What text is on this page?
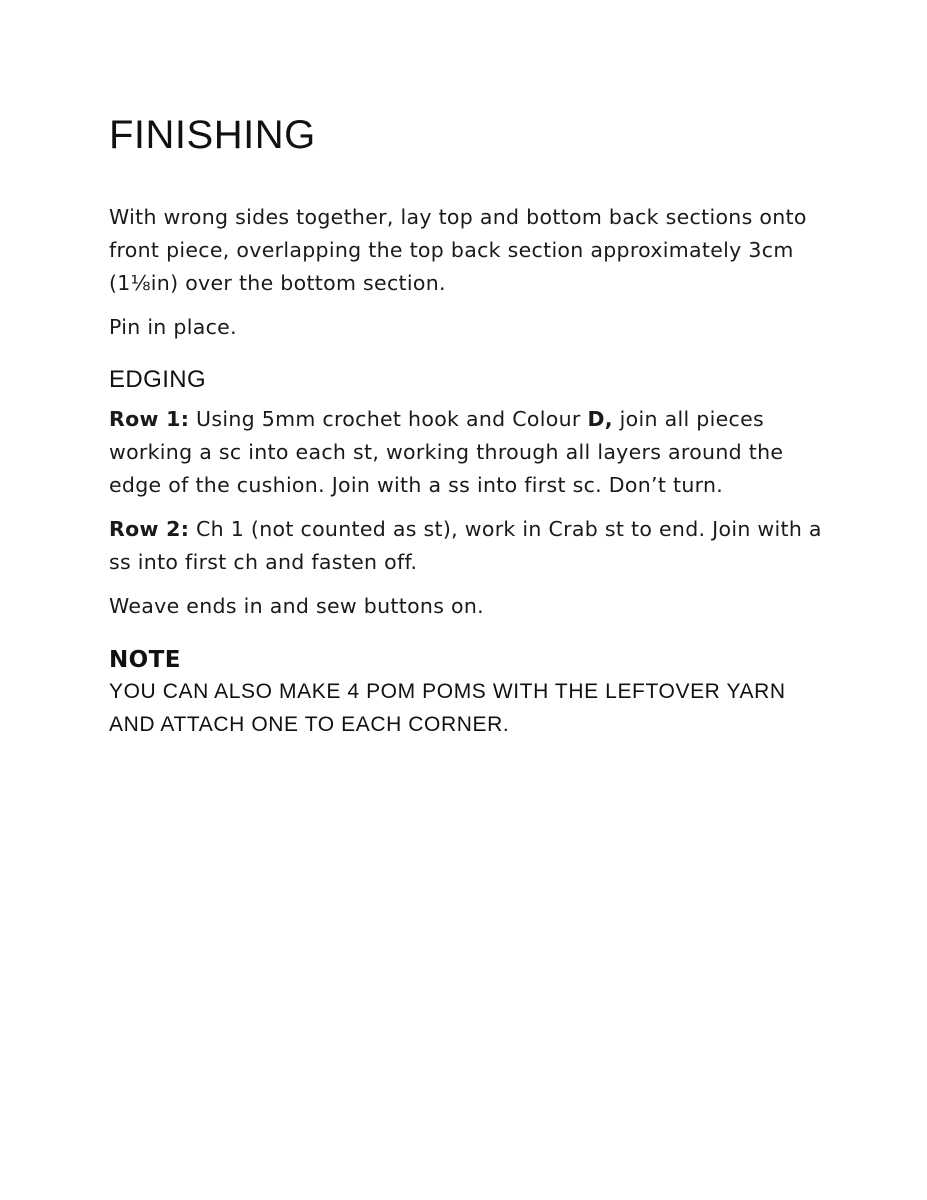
FINISHING

With wrong sides together, lay top and bottom back sections onto front piece, overlapping the top back section approximately 3cm (1⅛in) over the bottom section.

Pin in place.

EDGING

Row 1: Using 5mm crochet hook and Colour D, join all pieces working a sc into each st, working through all layers around the edge of the cushion. Join with a ss into first sc. Don’t turn.

Row 2: Ch 1 (not counted as st), work in Crab st to end. Join with a ss into first ch and fasten off.

Weave ends in and sew buttons on.

NOTE

YOU CAN ALSO MAKE 4 POM POMS WITH THE LEFTOVER YARN AND ATTACH ONE TO EACH CORNER.
